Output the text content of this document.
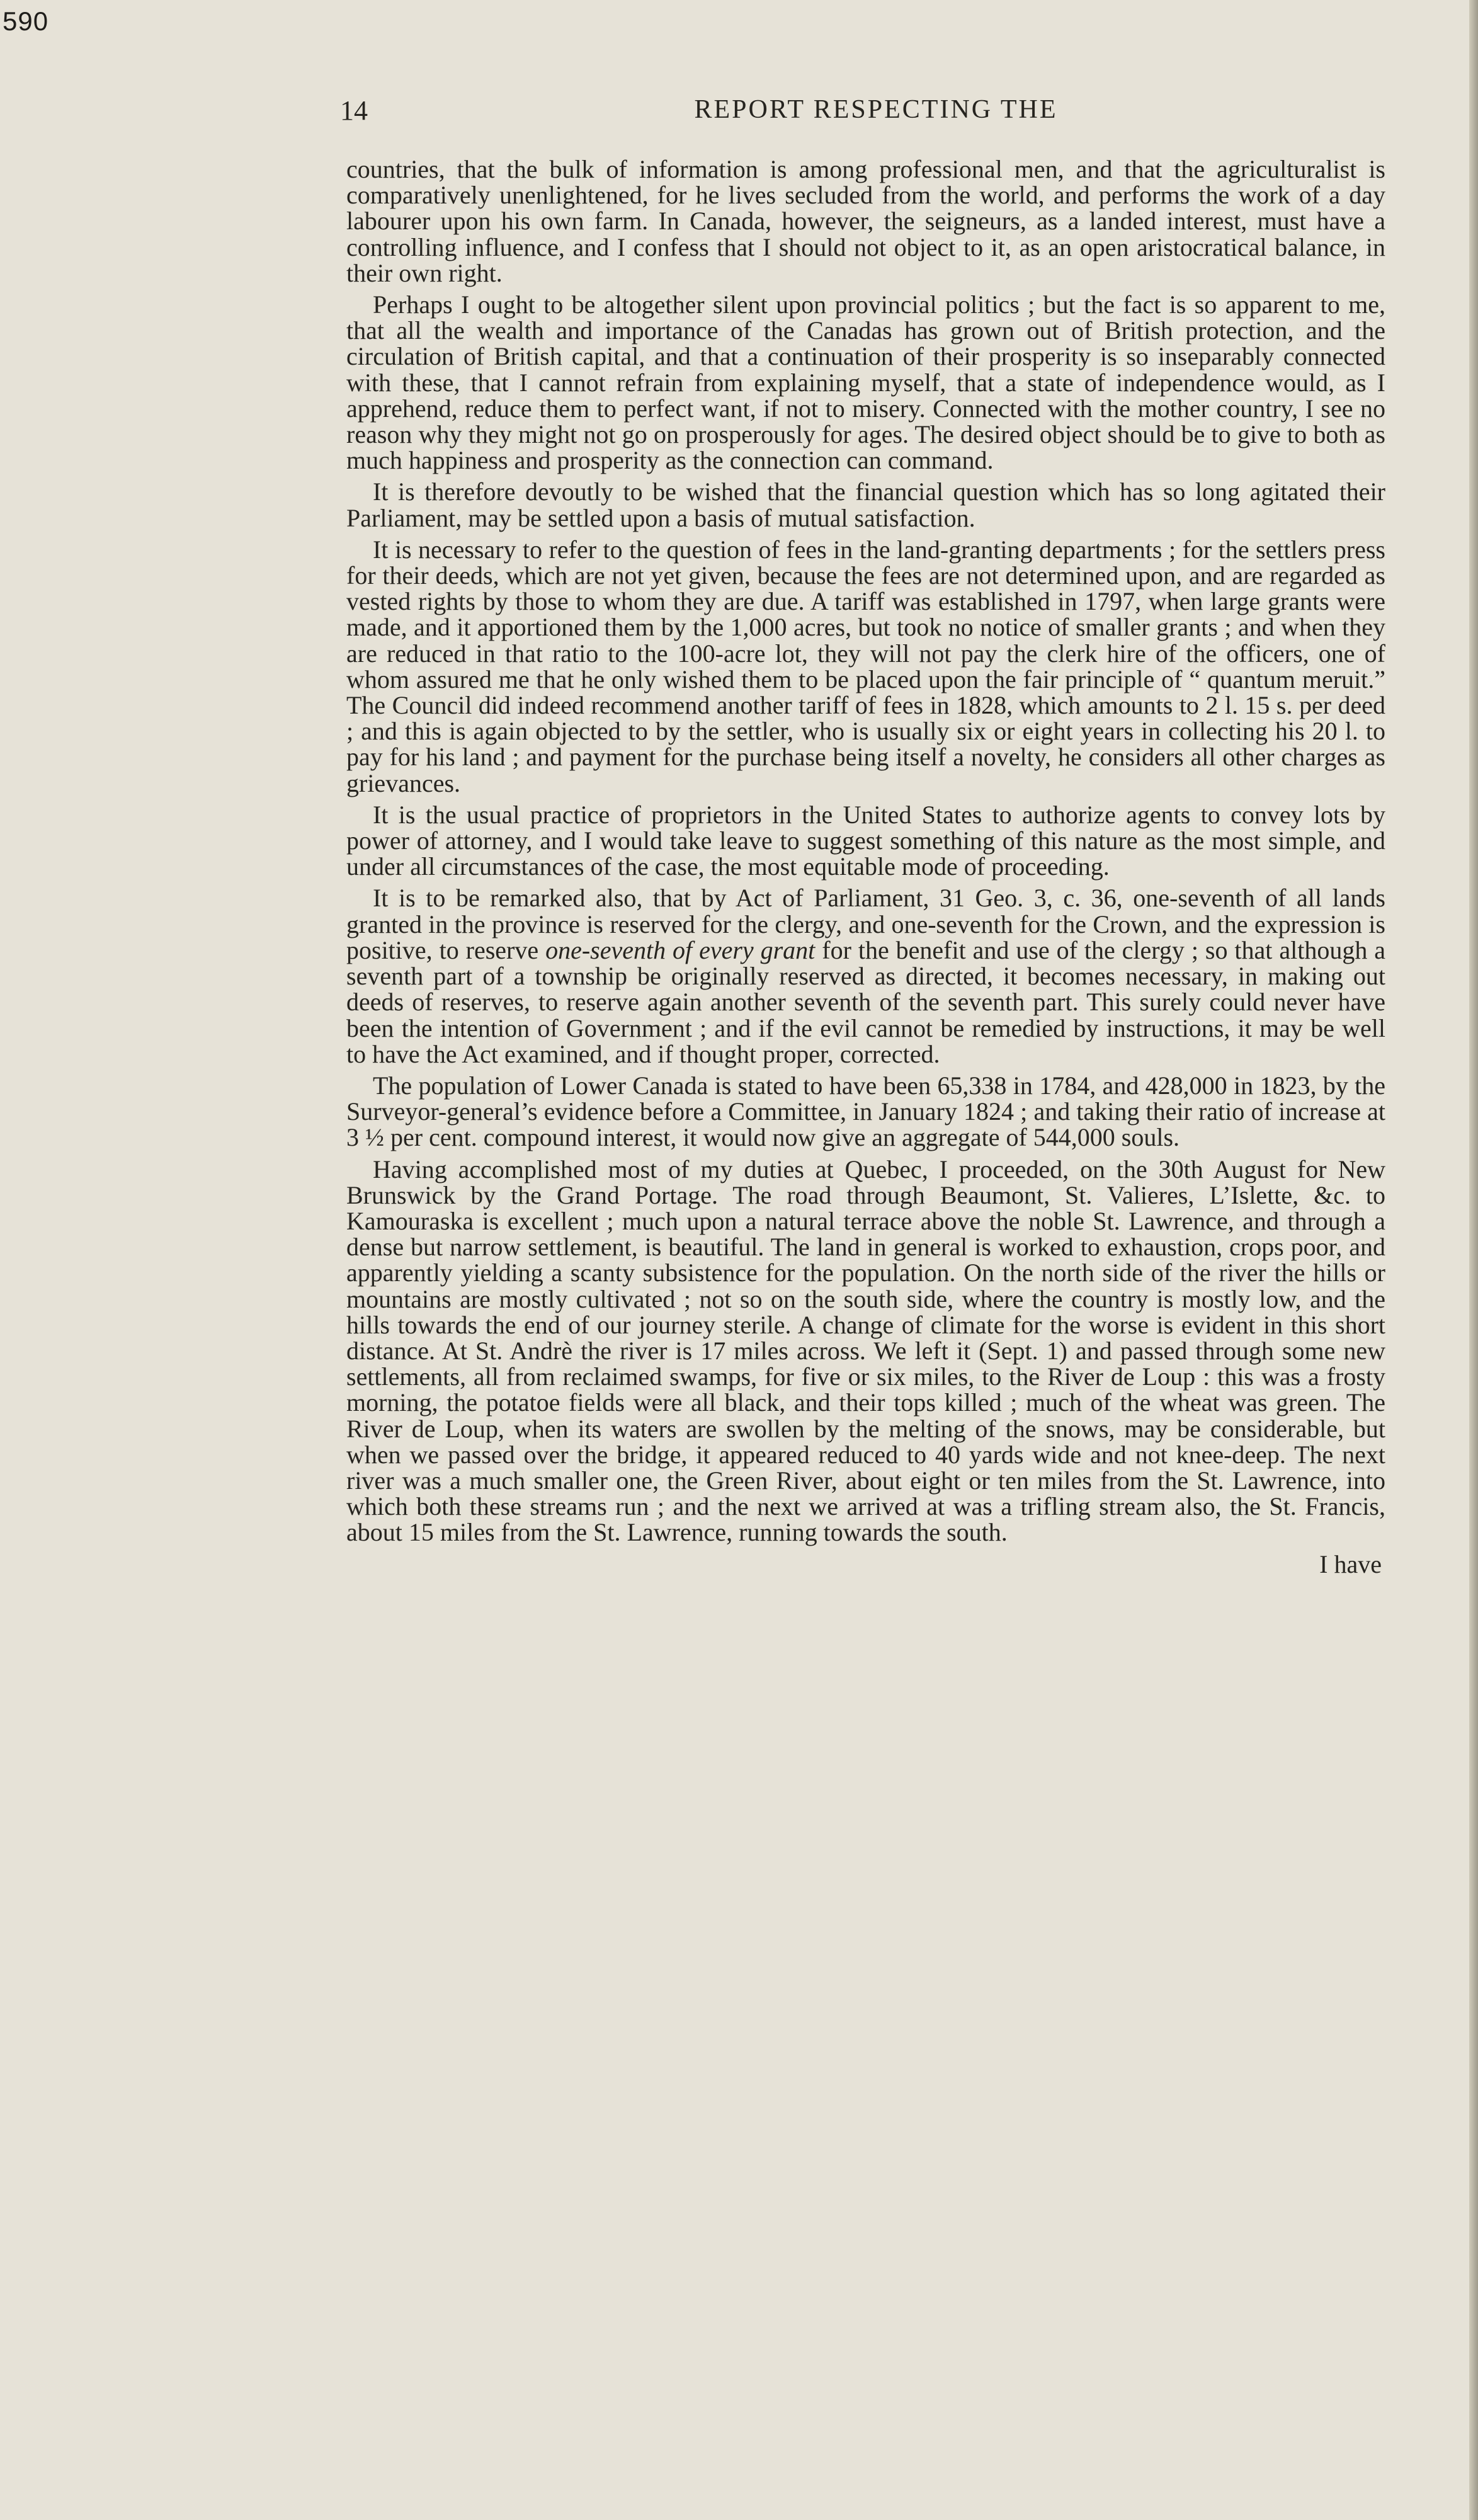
590
14	REPORT RESPECTING THE

countries, that the bulk of information is among professional men, and that the agriculturalist is comparatively unenlightened, for he lives secluded from the world, and performs the work of a day labourer upon his own farm. In Canada, however, the seigneurs, as a landed interest, must have a controlling influence, and I confess that I should not object to it, as an open aristocratical balance, in their own right.

Perhaps I ought to be altogether silent upon provincial politics ; but the fact is so apparent to me, that all the wealth and importance of the Canadas has grown out of British protection, and the circulation of British capital, and that a continuation of their prosperity is so inseparably connected with these, that I cannot refrain from explaining myself, that a state of independence would, as I apprehend, reduce them to perfect want, if not to misery. Connected with the mother country, I see no reason why they might not go on prosperously for ages. The desired object should be to give to both as much happiness and prosperity as the connection can command.

It is therefore devoutly to be wished that the financial question which has so long agitated their Parliament, may be settled upon a basis of mutual satisfaction.

It is necessary to refer to the question of fees in the land-granting departments ; for the settlers press for their deeds, which are not yet given, because the fees are not determined upon, and are regarded as vested rights by those to whom they are due. A tariff was established in 1797, when large grants were made, and it apportioned them by the 1,000 acres, but took no notice of smaller grants ; and when they are reduced in that ratio to the 100-acre lot, they will not pay the clerk hire of the officers, one of whom assured me that he only wished them to be placed upon the fair principle of “ quantum meruit.” The Council did indeed recommend another tariff of fees in 1828, which amounts to 2 l. 15 s. per deed ; and this is again objected to by the settler, who is usually six or eight years in collecting his 20 l. to pay for his land ; and payment for the purchase being itself a novelty, he considers all other charges as grievances.

It is the usual practice of proprietors in the United States to authorize agents to convey lots by power of attorney, and I would take leave to suggest something of this nature as the most simple, and under all circumstances of the case, the most equitable mode of proceeding.

It is to be remarked also, that by Act of Parliament, 31 Geo. 3, c. 36, one-seventh of all lands granted in the province is reserved for the clergy, and one-seventh for the Crown, and the expression is positive, to reserve one-seventh of every grant for the benefit and use of the clergy ; so that although a seventh part of a township be originally reserved as directed, it becomes necessary, in making out deeds of reserves, to reserve again another seventh of the seventh part. This surely could never have been the intention of Government ; and if the evil cannot be remedied by instructions, it may be well to have the Act examined, and if thought proper, corrected.

The population of Lower Canada is stated to have been 65,338 in 1784, and 428,000 in 1823, by the Surveyor-general’s evidence before a Committee, in January 1824 ; and taking their ratio of increase at 3 ½ per cent. compound interest, it would now give an aggregate of 544,000 souls.

Having accomplished most of my duties at Quebec, I proceeded, on the 30th August for New Brunswick by the Grand Portage. The road through Beaumont, St. Valieres, L’Islette, &c. to Kamouraska is excellent ; much upon a natural terrace above the noble St. Lawrence, and through a dense but narrow settlement, is beautiful. The land in general is worked to exhaustion, crops poor, and apparently yielding a scanty subsistence for the population. On the north side of the river the hills or mountains are mostly cultivated ; not so on the south side, where the country is mostly low, and the hills towards the end of our journey sterile. A change of climate for the worse is evident in this short distance. At St. Andrè the river is 17 miles across. We left it (Sept. 1) and passed through some new settlements, all from reclaimed swamps, for five or six miles, to the River de Loup : this was a frosty morning, the potatoe fields were all black, and their tops killed ; much of the wheat was green. The River de Loup, when its waters are swollen by the melting of the snows, may be considerable, but when we passed over the bridge, it appeared reduced to 40 yards wide and not knee-deep. The next river was a much smaller one, the Green River, about eight or ten miles from the St. Lawrence, into which both these streams run ; and the next we arrived at was a trifling stream also, the St. Francis, about 15 miles from the St. Lawrence, running towards the south.

I have
